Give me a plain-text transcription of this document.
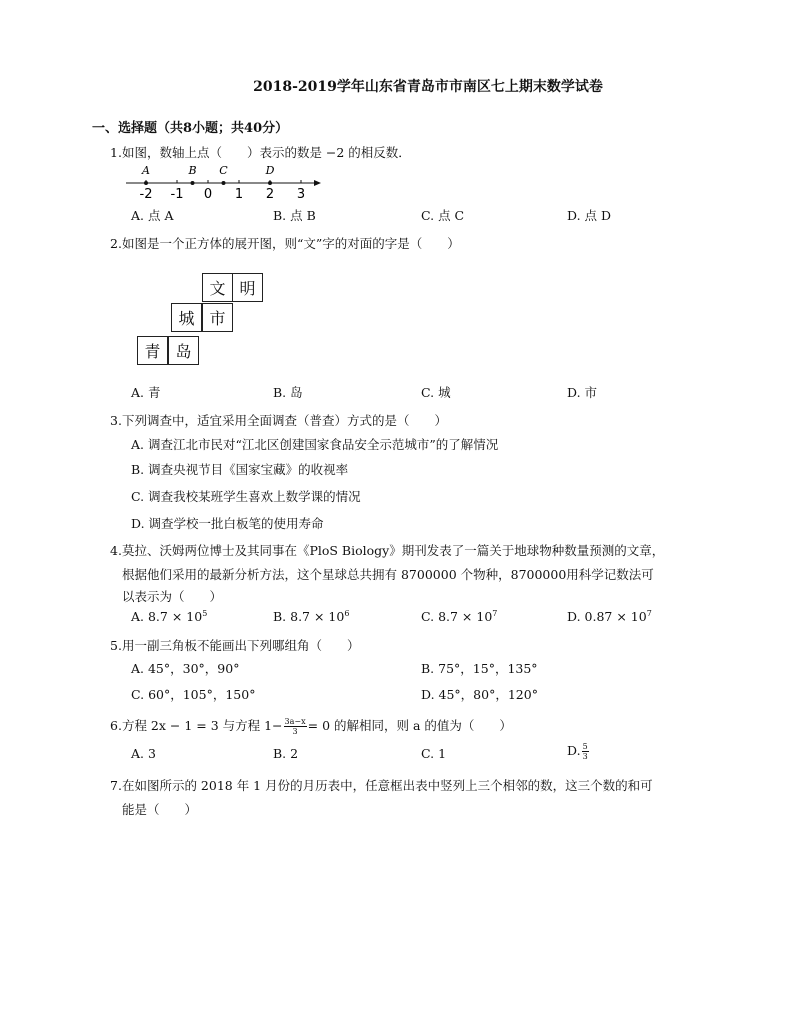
2018-2019学年山东省青岛市市南区七上期末数学试卷
一、选择题（共8小题；共40分）
1.如图，数轴上点（　　）表示的数是 −2 的相反数．
-2 -1 0 1 2 3
A	B C	D
A. 点 A	B. 点 B	C. 点 C	D. 点 D
2.如图是一个正方体的展开图，则“文”字的对面的字是（　　）
文 明
城 市
青 岛
A. 青	B. 岛	C. 城	D. 市
3.下列调查中，适宜采用全面调查（普查）方式的是（　　）
A. 调查江北市民对“江北区创建国家食品安全示范城市”的了解情况
B. 调查央视节目《国家宝藏》的收视率
C. 调查我校某班学生喜欢上数学课的情况
D. 调查学校一批白板笔的使用寿命
4.莫拉、沃姆两位博士及其同事在《PloS Biology》期刊发表了一篇关于地球物种数量预测的文章，
根据他们采用的最新分析方法，这个星球总共拥有 8700000 个物种，8700000用科学记数法可
以表示为（　　）
A. $8.7 \times 10^5$	B. $8.7 \times 10^6$	C. $8.7 \times 10^7$	D. $0.87 \times 10^7$
5.用一副三角板不能画出下列哪组角（　　）
A. 45°，30°，90°	B. 75°，15°，135°
C. 60°，105°，150°	D. 45°，80°，120°
6.方程 2x − 1 = 3 与方程 $1- \frac{3a-x}{3} = 0$ 的解相同，则 a 的值为（　　）
A. 3	B. 2	C. 1	D. $\frac{5}{3}$
7.在如图所示的 2018 年 1 月份的月历表中，任意框出表中竖列上三个相邻的数，这三个数的和可
能是（　　）
